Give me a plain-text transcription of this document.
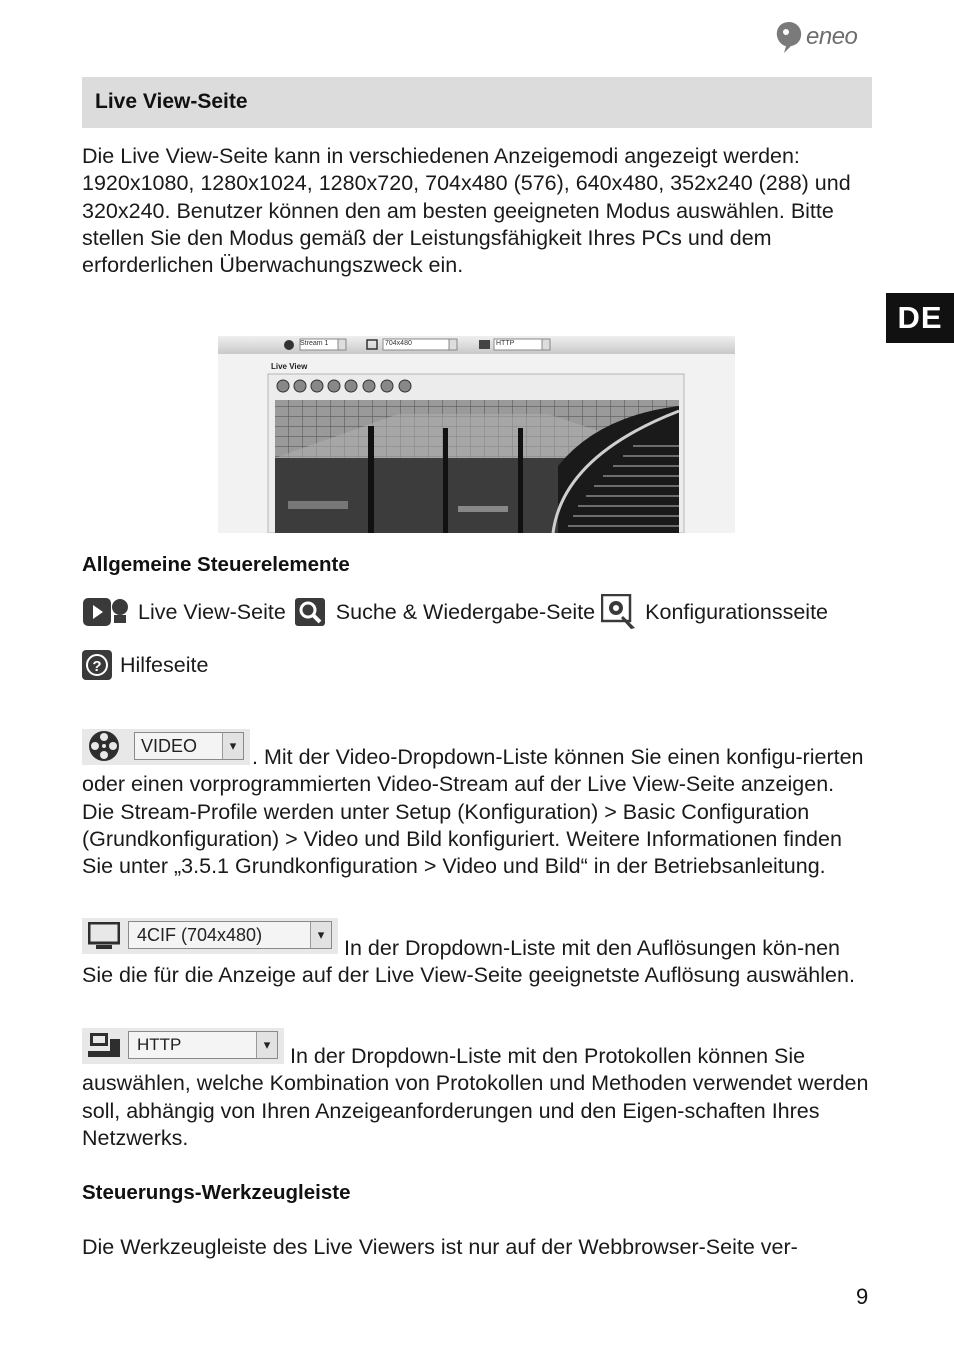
eneo
Live View-Seite

Die Live View-Seite kann in verschiedenen Anzeigemodi angezeigt werden: 1920x1080, 1280x1024, 1280x720, 704x480 (576), 640x480, 352x240 (288) und 320x240. Benutzer können den am besten geeigneten Modus auswählen. Bitte stellen Sie den Modus gemäß der Leistungsfähigkeit Ihres PCs und dem erforderlichen Überwachungszweck ein.

DE
Stream 1	704x480	HTTP
Live View
Allgemeine Steuerelemente
Live View-Seite Suche & Wiedergabe-Seite Konfigurationsseite
? Hilfeseite
VIDEO	▾ . Mit der Video-Dropdown-Liste können Sie einen konfigu-rierten oder einen vorprogrammierten Video-Stream auf der Live View-Seite anzeigen. Die Stream-Profile werden unter Setup (Konfiguration) > Basic Configuration (Grundkonfiguration) > Video und Bild konfiguriert. Weitere Informationen finden Sie unter „3.5.1 Grundkonfiguration > Video und Bild“ in der Betriebsanleitung.

4CIF (704x480)	▾

In der Dropdown-Liste mit den Auflösungen kön-nen Sie die für die Anzeige auf der Live View-Seite geeignetste Auflösung auswählen.

HTTP	▾ In der Dropdown-Liste mit den Protokollen können Sie auswählen, welche Kombination von Protokollen und Methoden verwendet werden soll, abhängig von Ihren Anzeigeanforderungen und den Eigen-schaften Ihres Netzwerks.

Steuerungs-Werkzeugleiste

Die Werkzeugleiste des Live Viewers ist nur auf der Webbrowser-Seite ver-

9
